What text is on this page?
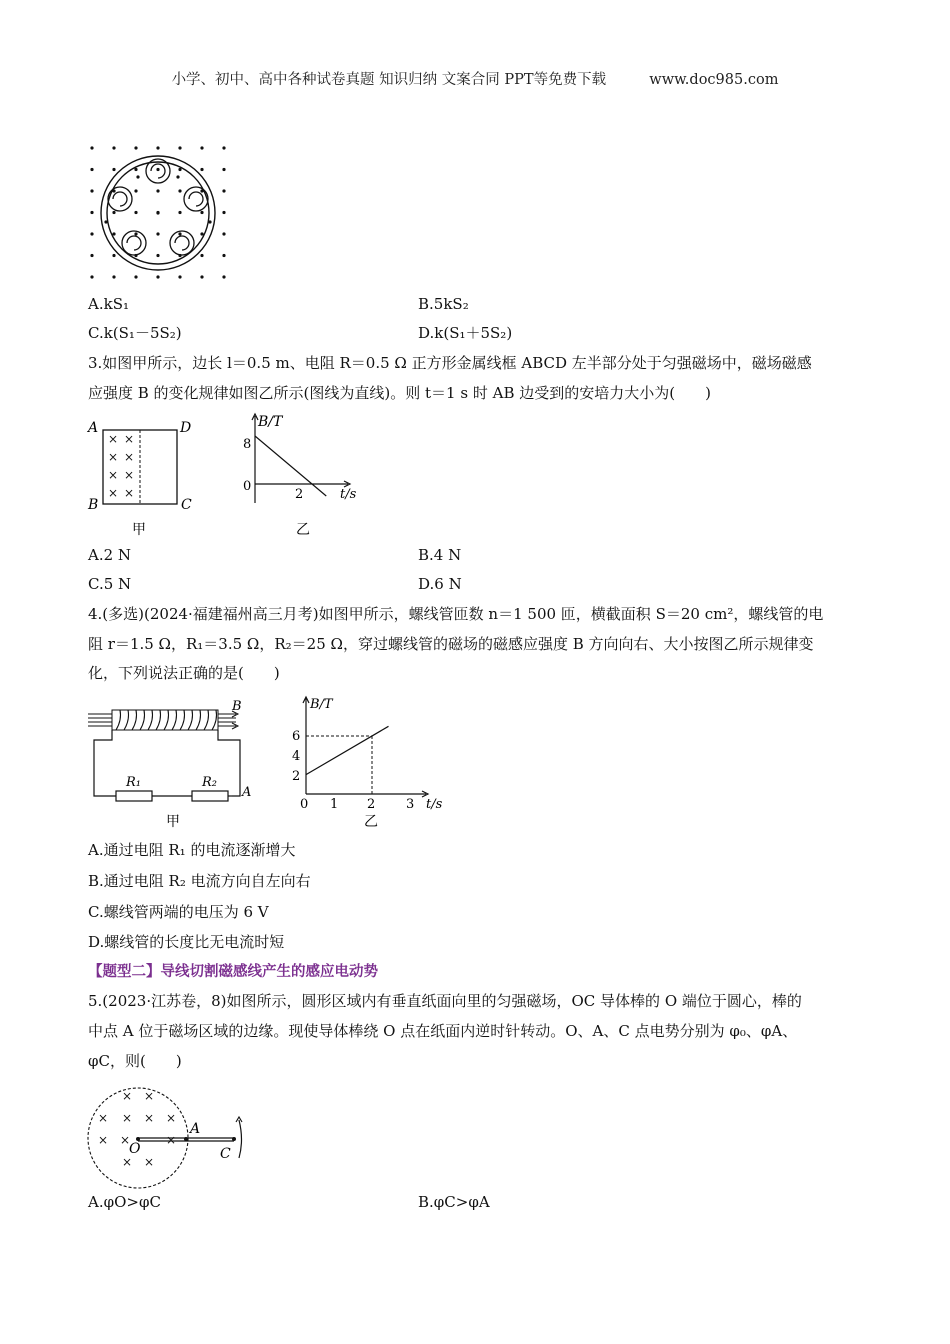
小学、初中、高中各种试卷真题 知识归纳 文案合同 PPT等免费下载	www.doc985.com
A.kS₁	B.5kS₂
C.k(S₁－5S₂)	D.k(S₁＋5S₂)
3.如图甲所示，边长 l＝0.5 m、电阻 R＝0.5 Ω 正方形金属线框 ABCD 左半部分处于匀强磁场中，磁场磁感
应强度 B 的变化规律如图乙所示(图线为直线)。则 t＝1 s 时 AB 边受到的安培力大小为(　　)
× ×
× ×
× ×
× ×
A	D
B	C
甲
B/T
8
0
2	t/s
乙
A.2 N	B.4 N
C.5 N	D.6 N
4.(多选)(2024·福建福州高三月考)如图甲所示，螺线管匝数 n＝1 500 匝，横截面积 S＝20 cm²，螺线管的电
阻 r＝1.5 Ω，R₁＝3.5 Ω，R₂＝25 Ω，穿过螺线管的磁场的磁感应强度 B 方向向右、大小按图乙所示规律变
化，下列说法正确的是(　　)
B
R₁	R₂
A
甲
B/T
6
4
2
0 1 2 3 t/s
乙
A.通过电阻 R₁ 的电流逐渐增大
B.通过电阻 R₂ 电流方向自左向右
C.螺线管两端的电压为 6 V
D.螺线管的长度比无电流时短
【题型二】导线切割磁感线产生的感应电动势
5.(2023·江苏卷，8)如图所示，圆形区域内有垂直纸面向里的匀强磁场，OC 导体棒的 O 端位于圆心，棒的
中点 A 位于磁场区域的边缘。现使导体棒绕 O 点在纸面内逆时针转动。O、A、C 点电势分别为 φ₀、φA、
φC，则(　　)
× ×
× × × ×
× ×	×
× ×
O
A
C
A.φO>φC	B.φC>φA
